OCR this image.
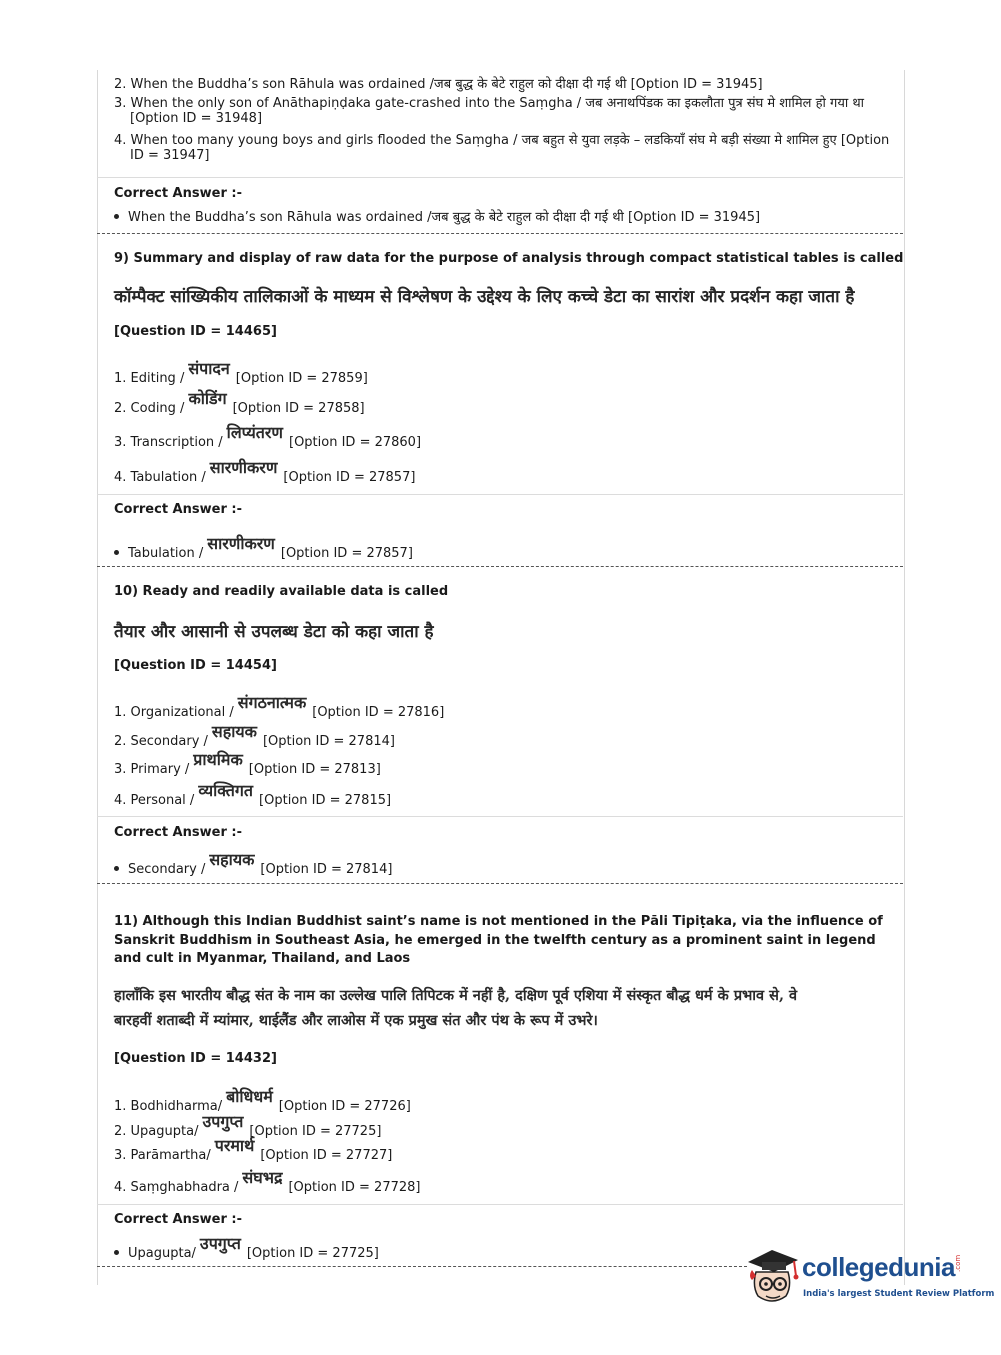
2. When the Buddha’s son Rāhula was ordained /जब बुद्ध के बेटे राहुल को दीक्षा दी गई थी [Option ID = 31945]
3. When the only son of Anāthapiṇḍaka gate-crashed into the Saṃgha / जब अनाथपिंडक का इकलौता पुत्र संघ मे शामिल हो गया था
[Option ID = 31948]
4. When too many young boys and girls flooded the Saṃgha / जब बहुत से युवा लड़के – लडकियाँ संघ मे बड़ी संख्या मे शामिल हुए [Option
ID = 31947]
Correct Answer :-
When the Buddha’s son Rāhula was ordained /जब बुद्ध के बेटे राहुल को दीक्षा दी गई थी [Option ID = 31945]
9) Summary and display of raw data for the purpose of analysis through compact statistical tables is called
कॉम्पैक्ट सांख्यिकीय तालिकाओं के माध्यम से विश्लेषण के उद्देश्य के लिए कच्चे डेटा का सारांश और प्रदर्शन कहा जाता है
[Question ID = 14465]
1. Editing /संपादन[Option ID = 27859]
2. Coding /कोडिंग[Option ID = 27858]
3. Transcription /लिप्यंतरण[Option ID = 27860]
4. Tabulation /सारणीकरण[Option ID = 27857]
Correct Answer :-
Tabulation /सारणीकरण[Option ID = 27857]
10) Ready and readily available data is called
तैयार और आसानी से उपलब्ध डेटा को कहा जाता है
[Question ID = 14454]
1. Organizational /संगठनात्मक[Option ID = 27816]
2. Secondary /सहायक[Option ID = 27814]
3. Primary /प्राथमिक[Option ID = 27813]
4. Personal /व्यक्तिगत[Option ID = 27815]
Correct Answer :-
Secondary /सहायक[Option ID = 27814]
11) Although this Indian Buddhist saint’s name is not mentioned in the Pāli Tipiṭaka, via the influence of Sanskrit Buddhism in Southeast Asia, he emerged in the twelfth century as a prominent saint in legend and cult in Myanmar, Thailand, and Laos
हालाँकि इस भारतीय बौद्ध संत के नाम का उल्लेख पालि तिपिटक में नहीं है, दक्षिण पूर्व एशिया में संस्कृत बौद्ध धर्म के प्रभाव से, वे
बारहवीं शताब्दी में म्यांमार, थाईलैंड और लाओस में एक प्रमुख संत और पंथ के रूप में उभरे।
[Question ID = 14432]
1. Bodhidharma/बोधिधर्म[Option ID = 27726]
2. Upagupta/उपगुप्त[Option ID = 27725]
3. Parāmartha/परमार्थ[Option ID = 27727]
4. Saṃghabhadra /संघभद्र[Option ID = 27728]
Correct Answer :-
Upagupta/उपगुप्त[Option ID = 27725]	collegedunia .com
India's largest Student Review Platform
